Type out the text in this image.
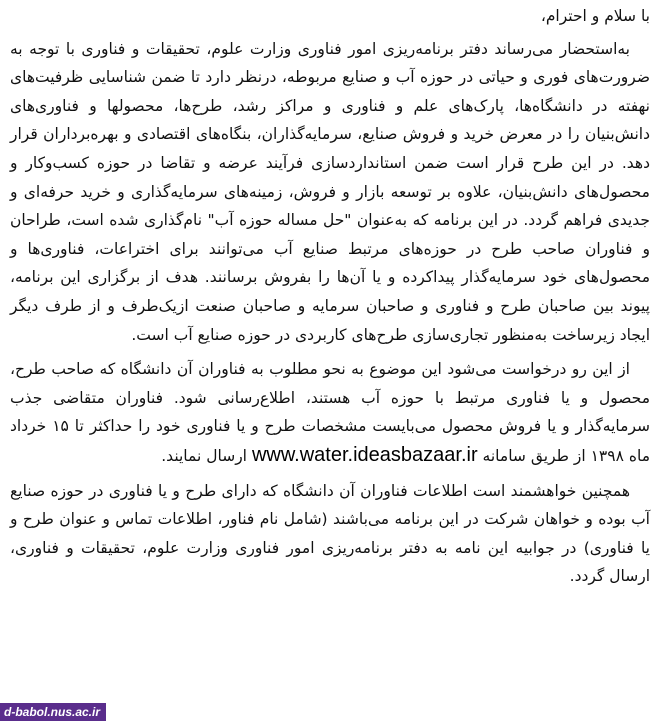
با سلام و احترام،

به‌استحضار می‌رساند دفتر برنامه‌ریزی امور فناوری وزارت علوم، تحقیقات و فناوری با توجه به ضرورت‌های فوری و حیاتی در حوزه آب و صنایع مربوطه، درنظر دارد تا ضمن شناسایی ظرفیت‌های نهفته در دانشگاه‌ها، پارک‌های علم و فناوری و مراکز رشد، طرح‌ها، محصولها و فناوری‌های دانش‌بنیان را در معرض خرید و فروش صنایع، سرمایه‌گذاران، بنگاه‌های اقتصادی و بهره‌برداران قرار دهد. در این طرح قرار است ضمن استانداردسازی فرآیند عرضه و تقاضا در حوزه کسب‌وکار و محصول‌های دانش‌بنیان، علاوه بر توسعه بازار و فروش، زمینه‌های سرمایه‌گذاری و خرید حرفه‌ای و جدیدی فراهم گردد. در این برنامه که به‌عنوان "حل مساله حوزه آب" نام‌گذاری شده است، طراحان و فناوران صاحب طرح در حوزه‌های مرتبط صنایع آب می‌توانند برای اختراعات، فناوری‌ها و محصول‌های خود سرمایه‌گذار پیداکرده و یا آن‌ها را بفروش برسانند. هدف از برگزاری این برنامه، پیوند بین صاحبان طرح و فناوری و صاحبان سرمایه و صاحبان صنعت ازیک‌طرف و از طرف دیگر ایجاد زیرساخت به‌منظور تجاری‌سازی طرح‌های کاربردی در حوزه صنایع آب است.

از این رو درخواست می‌شود این موضوع به نحو مطلوب به فناوران آن دانشگاه که صاحب طرح، محصول و یا فناوری مرتبط با حوزه آب هستند، اطلاع‌رسانی شود. فناوران متقاضی جذب سرمایه‌گذار و یا فروش محصول می‌بایست مشخصات طرح و یا فناوری خود را حداکثر تا ۱۵ خرداد ماه ۱۳۹۸ از طریق سامانه www.water.ideasbazaar.ir ارسال نمایند.

همچنین خواهشمند است اطلاعات فناوران آن دانشگاه که دارای طرح و یا فناوری در حوزه صنایع آب بوده و خواهان شرکت در این برنامه می‌باشند (شامل نام فناور، اطلاعات تماس و عنوان طرح و یا فناوری) در جوابیه این نامه به دفتر برنامه‌ریزی امور فناوری وزارت علوم، تحقیقات و فناوری، ارسال گردد.

d-babol.nus.ac.ir
